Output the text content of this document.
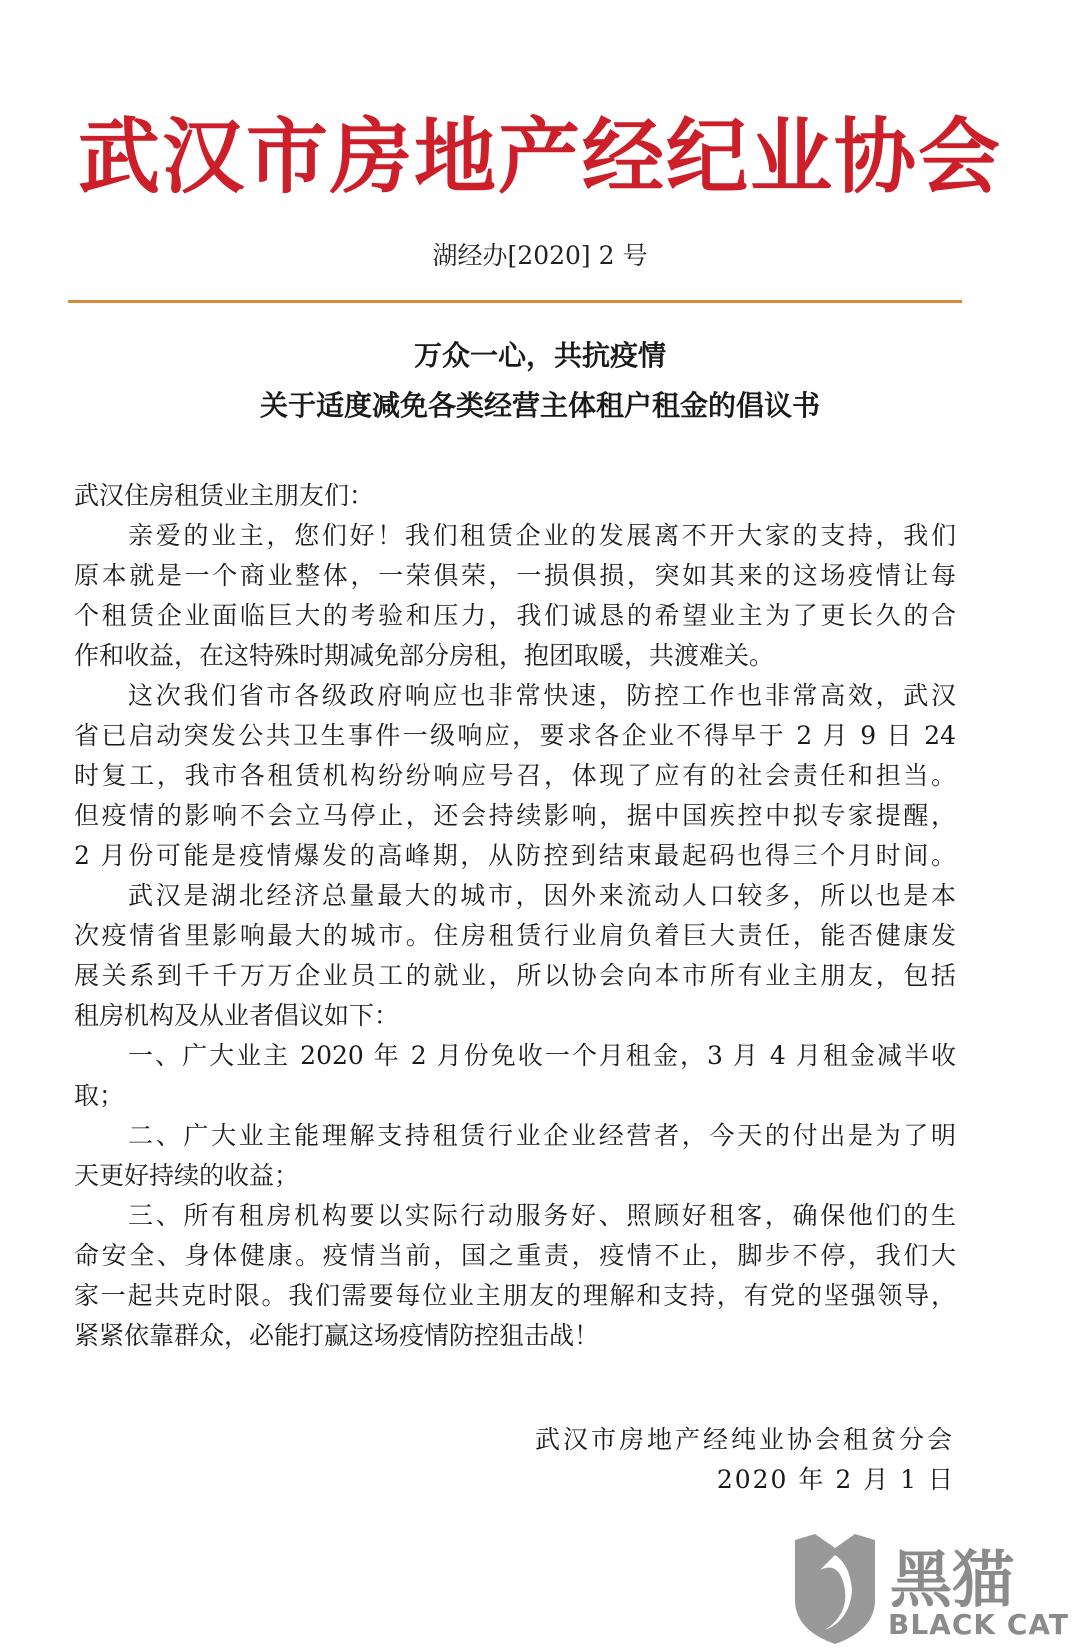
武汉市房地产经纪业协会
湖经办[2020] 2 号
万众一心，共抗疫情
关于适度减免各类经营主体租户租金的倡议书
武汉住房租赁业主朋友们：
亲爱的业主，您们好！我们租赁企业的发展离不开大家的支持，我们
原本就是一个商业整体，一荣俱荣，一损俱损，突如其来的这场疫情让每
个租赁企业面临巨大的考验和压力，我们诚恳的希望业主为了更长久的合
作和收益，在这特殊时期减免部分房租，抱团取暖，共渡难关。
这次我们省市各级政府响应也非常快速，防控工作也非常高效，武汉
省已启动突发公共卫生事件一级响应，要求各企业不得早于 2 月 9 日 24
时复工，我市各租赁机构纷纷响应号召，体现了应有的社会责任和担当。
但疫情的影响不会立马停止，还会持续影响，据中国疾控中拟专家提醒，
2 月份可能是疫情爆发的高峰期，从防控到结束最起码也得三个月时间。
武汉是湖北经济总量最大的城市，因外来流动人口较多，所以也是本
次疫情省里影响最大的城市。住房租赁行业肩负着巨大责任，能否健康发
展关系到千千万万企业员工的就业，所以协会向本市所有业主朋友，包括
租房机构及从业者倡议如下：
一、广大业主 2020 年 2 月份免收一个月租金，3 月 4 月租金减半收
取；
二、广大业主能理解支持租赁行业企业经营者，今天的付出是为了明
天更好持续的收益；
三、所有租房机构要以实际行动服务好、照顾好租客，确保他们的生
命安全、身体健康。疫情当前，国之重责，疫情不止，脚步不停，我们大
家一起共克时限。我们需要每位业主朋友的理解和支持，有党的坚强领导，
紧紧依靠群众，必能打赢这场疫情防控狙击战！
武汉市房地产经纯业协会租贫分会
2020 年 2 月 1 日
黑猫
BLACK CAT
